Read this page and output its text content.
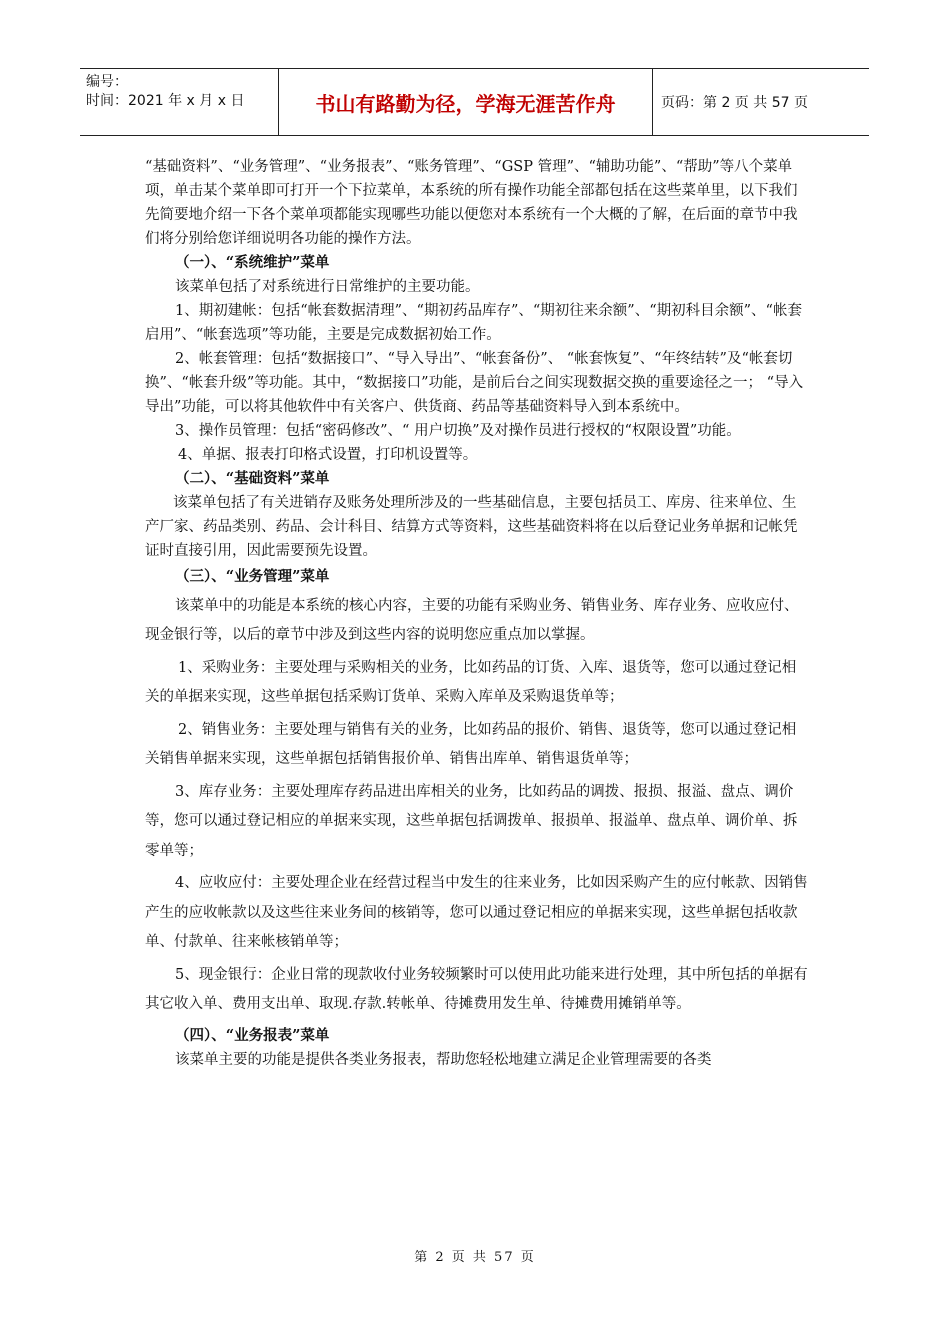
编号：
时间：2021 年 x 月 x 日	书山有路勤为径，学海无涯苦作舟	页码：第 2 页 共 57 页

“基础资料”、“业务管理”、“业务报表”、“账务管理”、“GSP 管理”、“辅助功能”、“帮助”等八个菜单项，单击某个菜单即可打开一个下拉菜单，本系统的所有操作功能全部都包括在这些菜单里，以下我们先简要地介绍一下各个菜单项都能实现哪些功能以便您对本系统有一个大概的了解，在后面的章节中我们将分别给您详细说明各功能的操作方法。

（一）、“系统维护”菜单

该菜单包括了对系统进行日常维护的主要功能。

1、期初建帐：包括“帐套数据清理”、“期初药品库存”、“期初往来余额”、“期初科目余额”、“帐套启用”、“帐套选项”等功能，主要是完成数据初始工作。

2、帐套管理：包括“数据接口”、“导入导出”、“帐套备份”、 “帐套恢复”、“年终结转”及“帐套切换”、“帐套升级”等功能。其中，“数据接口”功能，是前后台之间实现数据交换的重要途径之一； “导入导出”功能，可以将其他软件中有关客户、供货商、药品等基础资料导入到本系统中。

3、操作员管理：包括“密码修改”、“ 用户切换”及对操作员进行授权的“权限设置”功能。

4、单据、报表打印格式设置，打印机设置等。

（二）、“基础资料”菜单

该菜单包括了有关进销存及账务处理所涉及的一些基础信息，主要包括员工、库房、往来单位、生产厂家、药品类别、药品、会计科目、结算方式等资料，这些基础资料将在以后登记业务单据和记帐凭证时直接引用，因此需要预先设置。

（三）、“业务管理”菜单

该菜单中的功能是本系统的核心内容，主要的功能有采购业务、销售业务、库存业务、应收应付、现金银行等，以后的章节中涉及到这些内容的说明您应重点加以掌握。

1、采购业务：主要处理与采购相关的业务，比如药品的订货、入库、退货等，您可以通过登记相关的单据来实现，这些单据包括采购订货单、采购入库单及采购退货单等；

2、销售业务：主要处理与销售有关的业务，比如药品的报价、销售、退货等，您可以通过登记相关销售单据来实现，这些单据包括销售报价单、销售出库单、销售退货单等；

3、库存业务：主要处理库存药品进出库相关的业务，比如药品的调拨、报损、报溢、盘点、调价等，您可以通过登记相应的单据来实现，这些单据包括调拨单、报损单、报溢单、盘点单、调价单、拆零单等；

4、应收应付：主要处理企业在经营过程当中发生的往来业务，比如因采购产生的应付帐款、因销售产生的应收帐款以及这些往来业务间的核销等，您可以通过登记相应的单据来实现，这些单据包括收款单、付款单、往来帐核销单等；

5、现金银行：企业日常的现款收付业务较频繁时可以使用此功能来进行处理，其中所包括的单据有其它收入单、费用支出单、取现.存款.转帐单、待摊费用发生单、待摊费用摊销单等。

（四）、“业务报表”菜单

该菜单主要的功能是提供各类业务报表，帮助您轻松地建立满足企业管理需要的各类

第 2 页 共 57 页
